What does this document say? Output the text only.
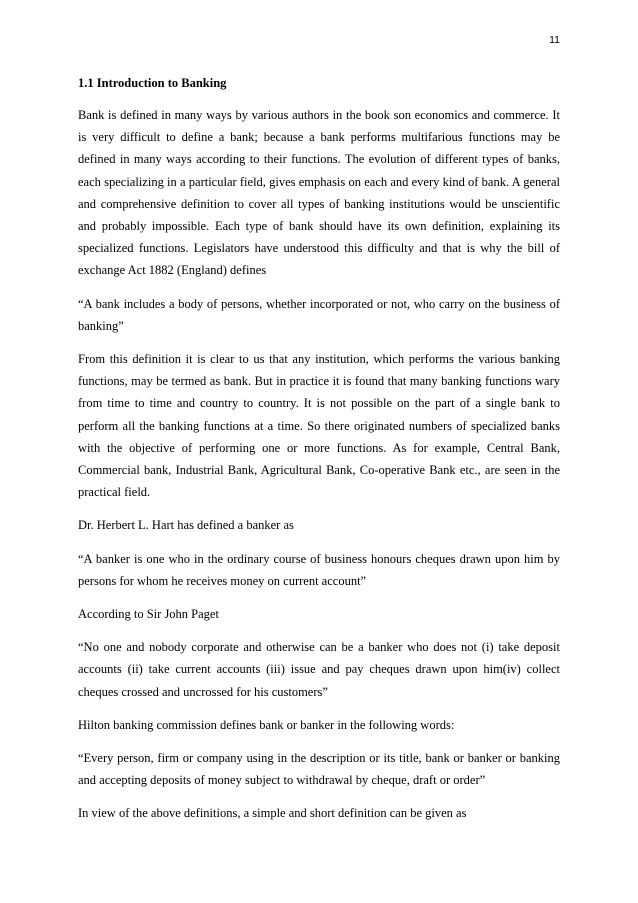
11
1.1 Introduction to Banking

Bank is defined in many ways by various authors in the book son economics and commerce. It is very difficult to define a bank; because a bank performs multifarious functions may be defined in many ways according to their functions. The evolution of different types of banks, each specializing in a particular field, gives emphasis on each and every kind of bank. A general and comprehensive definition to cover all types of banking institutions would be unscientific and probably impossible. Each type of bank should have its own definition, explaining its specialized functions. Legislators have understood this difficulty and that is why the bill of exchange Act 1882 (England) defines

“A bank includes a body of persons, whether incorporated or not, who carry on the business of banking”

From this definition it is clear to us that any institution, which performs the various banking functions, may be termed as bank. But in practice it is found that many banking functions wary from time to time and country to country. It is not possible on the part of a single bank to perform all the banking functions at a time. So there originated numbers of specialized banks with the objective of performing one or more functions. As for example, Central Bank, Commercial bank, Industrial Bank, Agricultural Bank, Co-operative Bank etc., are seen in the practical field.

Dr. Herbert L. Hart has defined a banker as

“A banker is one who in the ordinary course of business honours cheques drawn upon him by persons for whom he receives money on current account”

According to Sir John Paget

“No one and nobody corporate and otherwise can be a banker who does not (i) take deposit accounts (ii) take current accounts (iii) issue and pay cheques drawn upon him(iv) collect cheques crossed and uncrossed for his customers”

Hilton banking commission defines bank or banker in the following words:

“Every person, firm or company using in the description or its title, bank or banker or banking and accepting deposits of money subject to withdrawal by cheque, draft or order”

In view of the above definitions, a simple and short definition can be given as
